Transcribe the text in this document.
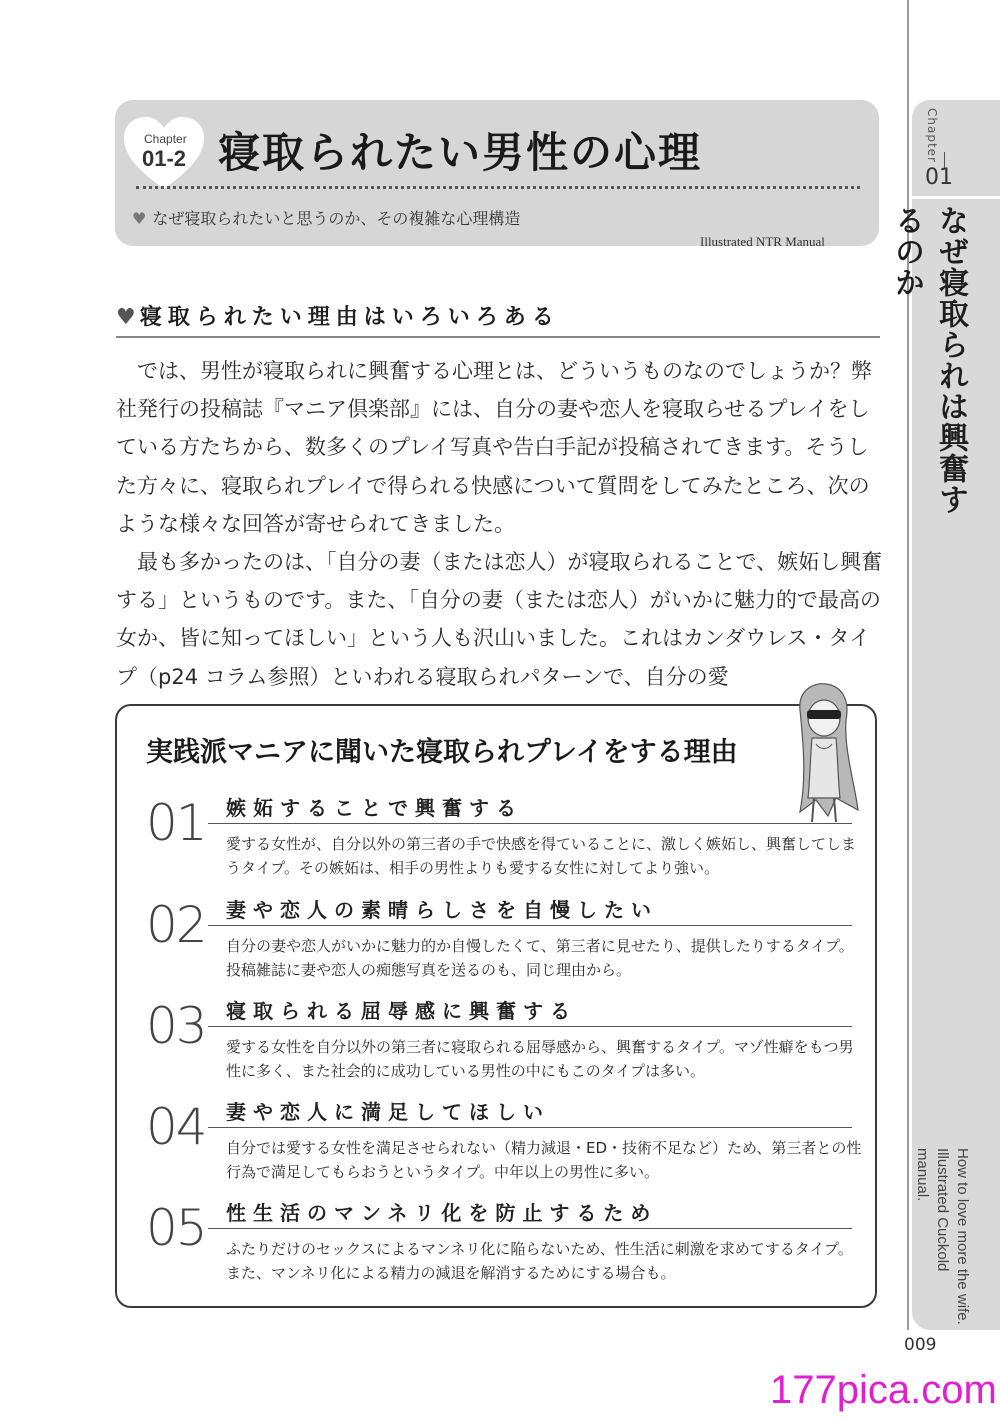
Chapter
01
なぜ寝取られは興奮するのか
How to love more the wife.
Illustrated Cuckold manual.
009
177pica.com
Chapter
01-2 寝取られたい男性の心理
♥ なぜ寝取られたいと思うのか、その複雑な心理構造
Illustrated NTR Manual
♥ 寝取られたい理由はいろいろある

では、男性が寝取られに興奮する心理とは、どういうものなのでしょうか？弊社発行の投稿誌『マニア倶楽部』には、自分の妻や恋人を寝取らせるプレイをしている方たちから、数多くのプレイ写真や告白手記が投稿されてきます。そうした方々に、寝取られプレイで得られる快感について質問をしてみたところ、次のような様々な回答が寄せられてきました。

最も多かったのは、「自分の妻（または恋人）が寝取られることで、嫉妬し興奮する」というものです。また、「自分の妻（または恋人）がいかに魅力的で最高の女か、皆に知ってほしい」という人も沢山いました。これはカンダウレス・タイプ（p24 コラム参照）といわれる寝取られパターンで、自分の愛

実践派マニアに聞いた寝取られプレイをする理由
01	嫉妬することで興奮する
愛する女性が、自分以外の第三者の手で快感を得ていることに、激しく嫉妬し、興奮してしまうタイプ。その嫉妬は、相手の男性よりも愛する女性に対してより強い。
02	妻や恋人の素晴らしさを自慢したい
自分の妻や恋人がいかに魅力的か自慢したくて、第三者に見せたり、提供したりするタイプ。投稿雑誌に妻や恋人の痴態写真を送るのも、同じ理由から。
03	寝取られる屈辱感に興奮する
愛する女性を自分以外の第三者に寝取られる屈辱感から、興奮するタイプ。マゾ性癖をもつ男性に多く、また社会的に成功している男性の中にもこのタイプは多い。
04	妻や恋人に満足してほしい
自分では愛する女性を満足させられない（精力減退・ED・技術不足など）ため、第三者との性行為で満足してもらおうというタイプ。中年以上の男性に多い。
05	性生活のマンネリ化を防止するため
ふたりだけのセックスによるマンネリ化に陥らないため、性生活に刺激を求めてするタイプ。また、マンネリ化による精力の減退を解消するためにする場合も。
